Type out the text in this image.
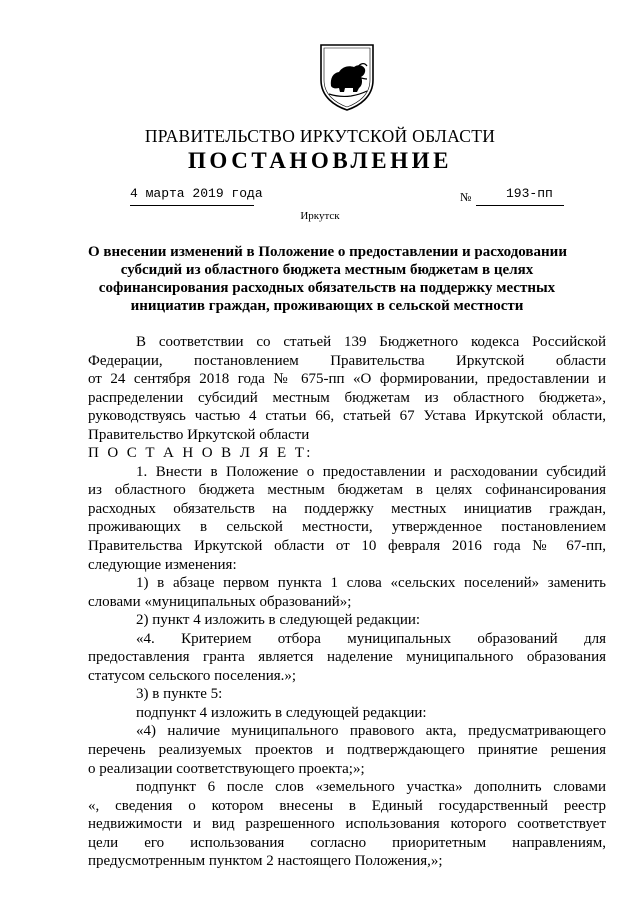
ПРАВИТЕЛЬСТВО ИРКУТСКОЙ ОБЛАСТИ
ПОСТАНОВЛЕНИЕ
4 марта 2019 года	№	193-пп
Иркутск
О внесении изменений в Положение о предоставлении и расходовании
субсидий из областного бюджета местным бюджетам в целях
софинансирования расходных обязательств на поддержку местных
инициатив граждан, проживающих в сельской местности
В соответствии со статьей 139 Бюджетного кодекса Российской
Федерации, постановлением Правительства Иркутской области
от 24 сентября 2018 года № 675-пп «О формировании, предоставлении и
распределении субсидий местным бюджетам из областного бюджета»,
руководствуясь частью 4 статьи 66, статьей 67 Устава Иркутской области,
Правительство Иркутской области
П О С Т А Н О В Л Я Е Т:
1. Внести в Положение о предоставлении и расходовании субсидий
из областного бюджета местным бюджетам в целях софинансирования
расходных обязательств на поддержку местных инициатив граждан,
проживающих в сельской местности, утвержденное постановлением
Правительства Иркутской области от 10 февраля 2016 года № 67-пп,
следующие изменения:
1) в абзаце первом пункта 1 слова «сельских поселений» заменить
словами «муниципальных образований»;
2) пункт 4 изложить в следующей редакции:
«4. Критерием отбора муниципальных образований для
предоставления гранта является наделение муниципального образования
статусом сельского поселения.»;
3) в пункте 5:
подпункт 4 изложить в следующей редакции:
«4) наличие муниципального правового акта, предусматривающего
перечень реализуемых проектов и подтверждающего принятие решения
о реализации соответствующего проекта;»;
подпункт 6 после слов «земельного участка» дополнить словами
«, сведения о котором внесены в Единый государственный реестр
недвижимости и вид разрешенного использования которого соответствует
цели его использования согласно приоритетным направлениям,
предусмотренным пунктом 2 настоящего Положения,»;
